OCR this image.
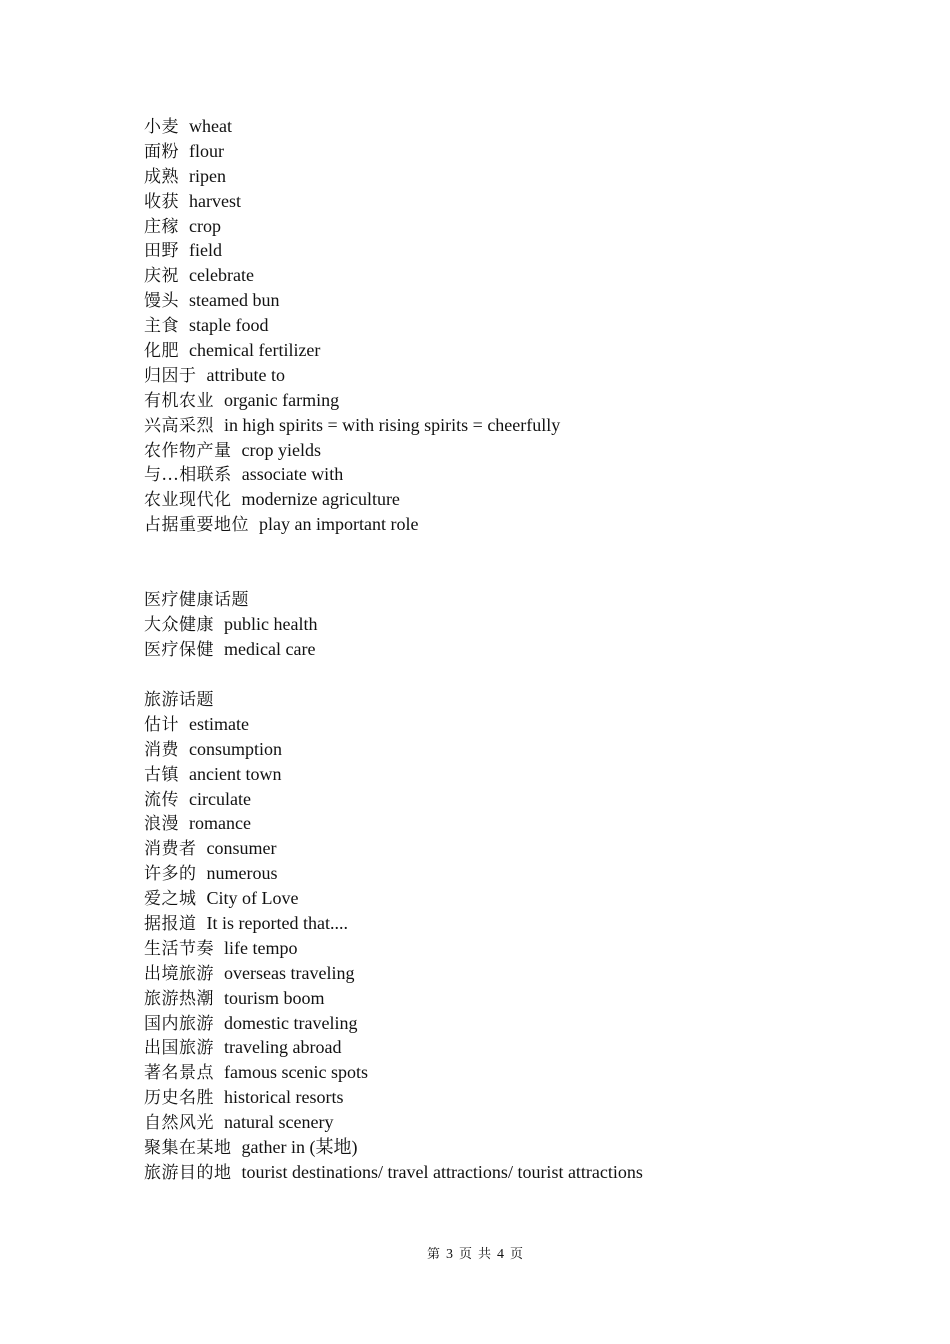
小麦 wheat
面粉 flour
成熟 ripen
收获 harvest
庄稼 crop
田野 field
庆祝 celebrate
馒头 steamed bun
主食 staple food
化肥 chemical fertilizer
归因于 attribute to
有机农业 organic farming
兴高采烈 in high spirits = with rising spirits = cheerfully
农作物产量 crop yields
与...相联系 associate with
农业现代化 modernize agriculture
占据重要地位 play an important role
医疗健康话题
大众健康 public health
医疗保健 medical care
旅游话题
估计 estimate
消费 consumption
古镇 ancient town
流传 circulate
浪漫 romance
消费者 consumer
许多的 numerous
爱之城 City of Love
据报道 It is reported that....
生活节奏 life tempo
出境旅游 overseas traveling
旅游热潮 tourism boom
国内旅游 domestic traveling
出国旅游 traveling abroad
著名景点 famous scenic spots
历史名胜 historical resorts
自然风光 natural scenery
聚集在某地 gather in (某地)
旅游目的地 tourist destinations/ travel attractions/ tourist attractions
第 3 页 共 4 页
